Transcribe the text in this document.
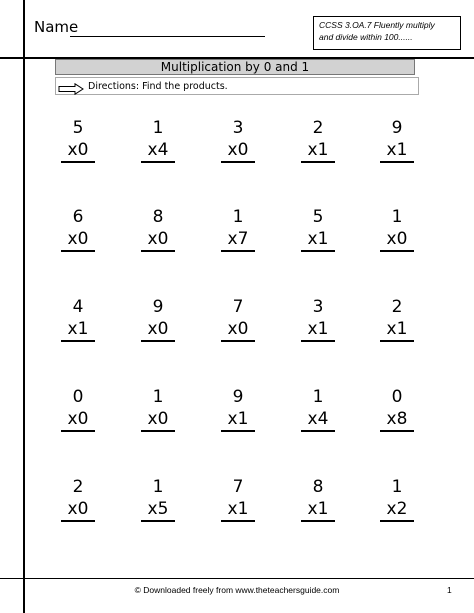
Name	CCSS 3.OA.7 Fluently multiply
and divide within 100......
Multiplication by 0 and 1
Directions: Find the products.
5
x0
1
x4
3
x0
2
x1
9
x1
6
x0
8
x0
1
x7
5
x1
1
x0
4
x1
9
x0
7
x0
3
x1
2
x1
0
x0
1
x0
9
x1
1
x4
0
x8
2
x0
1
x5
7
x1
8
x1
1
x2
© Downloaded freely from www.theteachersguide.com	1
